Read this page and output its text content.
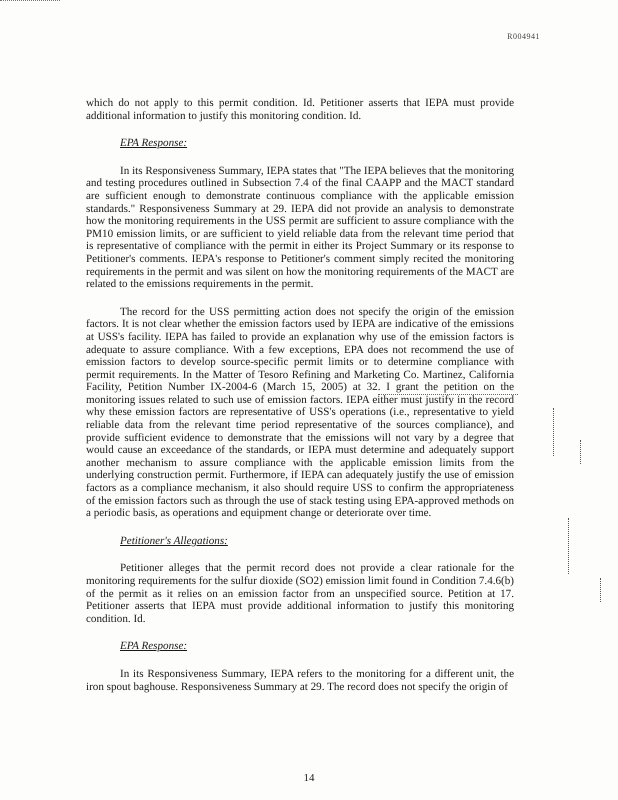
R004941

which do not apply to this permit condition. Id. Petitioner asserts that IEPA must provide additional information to justify this monitoring condition. Id.

EPA Response:

In its Responsiveness Summary, IEPA states that "The IEPA believes that the monitoring and testing procedures outlined in Subsection 7.4 of the final CAAPP and the MACT standard are sufficient enough to demonstrate continuous compliance with the applicable emission standards." Responsiveness Summary at 29. IEPA did not provide an analysis to demonstrate how the monitoring requirements in the USS permit are sufficient to assure compliance with the PM10 emission limits, or are sufficient to yield reliable data from the relevant time period that is representative of compliance with the permit in either its Project Summary or its response to Petitioner's comments. IEPA's response to Petitioner's comment simply recited the monitoring requirements in the permit and was silent on how the monitoring requirements of the MACT are related to the emissions requirements in the permit.

The record for the USS permitting action does not specify the origin of the emission factors. It is not clear whether the emission factors used by IEPA are indicative of the emissions at USS's facility. IEPA has failed to provide an explanation why use of the emission factors is adequate to assure compliance. With a few exceptions, EPA does not recommend the use of emission factors to develop source-specific permit limits or to determine compliance with permit requirements. In the Matter of Tesoro Refining and Marketing Co. Martinez, California Facility, Petition Number IX-2004-6 (March 15, 2005) at 32. I grant the petition on the monitoring issues related to such use of emission factors. IEPA either must justify in the record why these emission factors are representative of USS's operations (i.e., representative to yield reliable data from the relevant time period representative of the sources compliance), and provide sufficient evidence to demonstrate that the emissions will not vary by a degree that would cause an exceedance of the standards, or IEPA must determine and adequately support another mechanism to assure compliance with the applicable emission limits from the underlying construction permit. Furthermore, if IEPA can adequately justify the use of emission factors as a compliance mechanism, it also should require USS to confirm the appropriateness of the emission factors such as through the use of stack testing using EPA-approved methods on a periodic basis, as operations and equipment change or deteriorate over time.

Petitioner's Allegations:

Petitioner alleges that the permit record does not provide a clear rationale for the monitoring requirements for the sulfur dioxide (SO2) emission limit found in Condition 7.4.6(b) of the permit as it relies on an emission factor from an unspecified source. Petition at 17. Petitioner asserts that IEPA must provide additional information to justify this monitoring condition. Id.

EPA Response:

In its Responsiveness Summary, IEPA refers to the monitoring for a different unit, the iron spout baghouse. Responsiveness Summary at 29. The record does not specify the origin of

14
